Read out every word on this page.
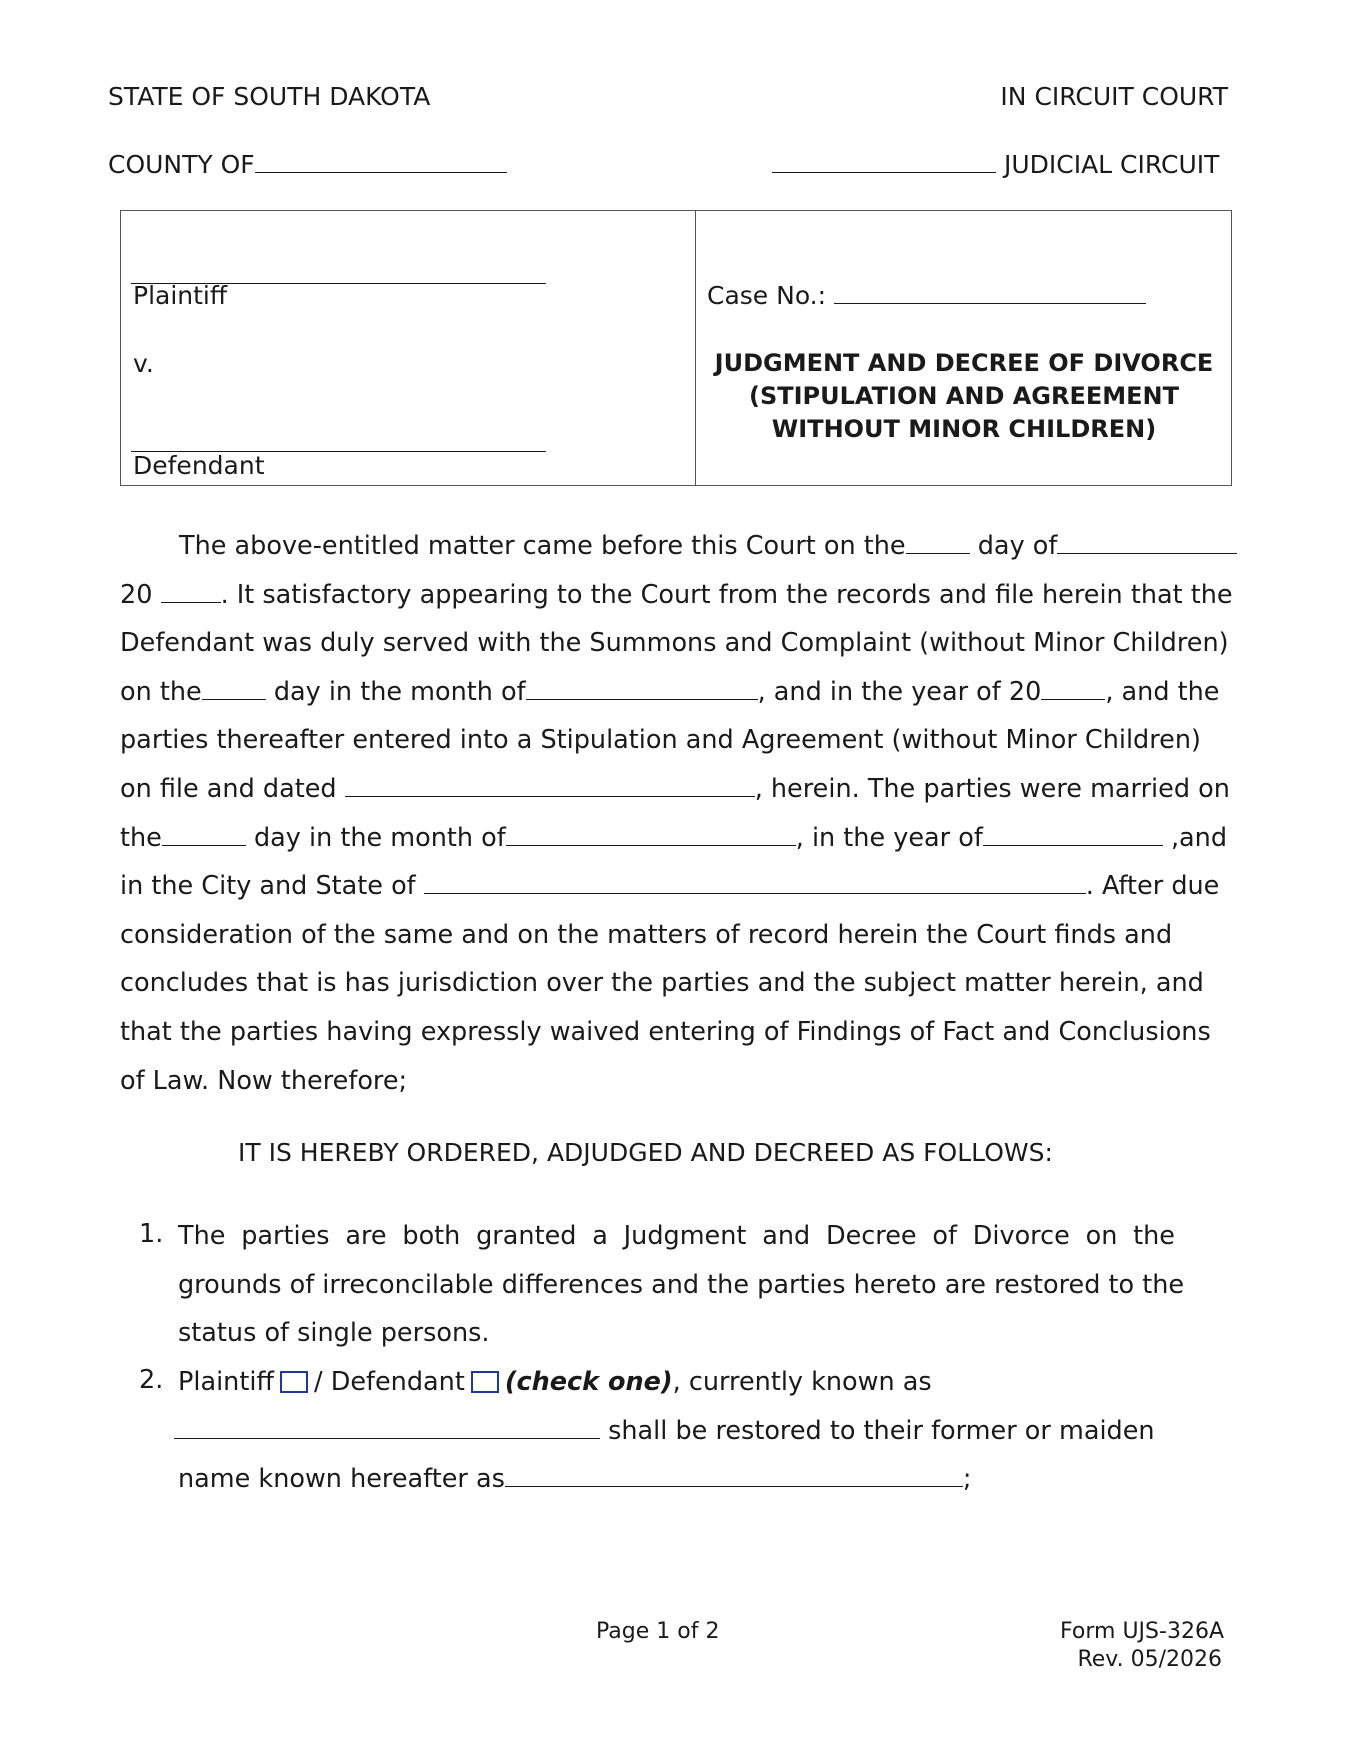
STATE OF SOUTH DAKOTA	IN CIRCUIT COURT
COUNTY OF	JUDICIAL CIRCUIT
Plaintiff
v.
Defendant
Case No.:
JUDGMENT AND DECREE OF DIVORCE
(STIPULATION AND AGREEMENT
WITHOUT MINOR CHILDREN)
The above-entitled matter came before this Court on the	day of
20	. It satisfactory appearing to the Court from the records and file herein that the
Defendant was duly served with the Summons and Complaint (without Minor Children)
on the	day in the month of	, and in the year of 20	, and the
parties thereafter entered into a Stipulation and Agreement (without Minor Children)
on file and dated	, herein. The parties were married on
the	day in the month of	, in the year of	,and
in the City and State of	. After due
consideration of the same and on the matters of record herein the Court finds and
concludes that is has jurisdiction over the parties and the subject matter herein, and
that the parties having expressly waived entering of Findings of Fact and Conclusions
of Law. Now therefore;
IT IS HEREBY ORDERED, ADJUDGED AND DECREED AS FOLLOWS:
1. The parties are both granted a Judgment and Decree of Divorce on the
grounds of irreconcilable differences and the parties hereto are restored to the
status of single persons.
2. Plaintiff / Defendant (check one), currently known as
shall be restored to their former or maiden
name known hereafter as	;
Page 1 of 2	Form UJS-326A
Rev. 05/2026
